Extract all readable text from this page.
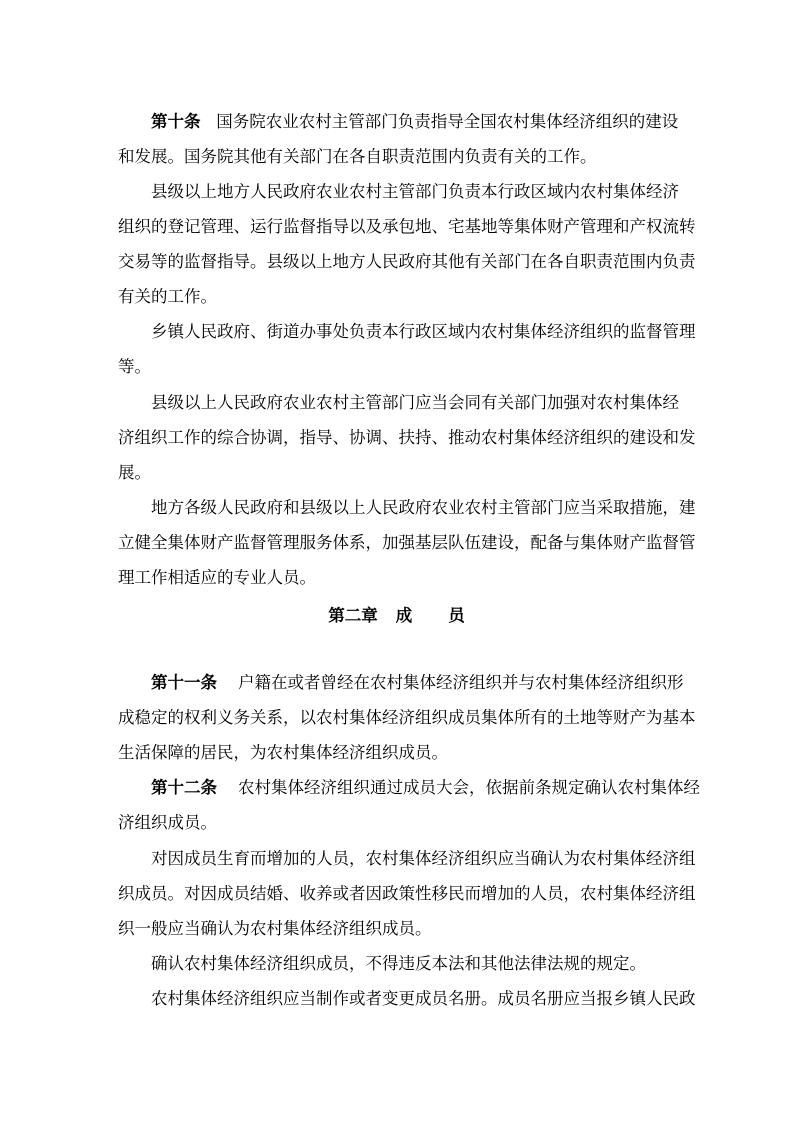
第十条 国务院农业农村主管部门负责指导全国农村集体经济组织的建设
和发展。国务院其他有关部门在各自职责范围内负责有关的工作。
县级以上地方人民政府农业农村主管部门负责本行政区域内农村集体经济
组织的登记管理、运行监督指导以及承包地、宅基地等集体财产管理和产权流转
交易等的监督指导。县级以上地方人民政府其他有关部门在各自职责范围内负责
有关的工作。
乡镇人民政府、街道办事处负责本行政区域内农村集体经济组织的监督管理
等。
县级以上人民政府农业农村主管部门应当会同有关部门加强对农村集体经
济组织工作的综合协调，指导、协调、扶持、推动农村集体经济组织的建设和发
展。
地方各级人民政府和县级以上人民政府农业农村主管部门应当采取措施，建
立健全集体财产监督管理服务体系，加强基层队伍建设，配备与集体财产监督管
理工作相适应的专业人员。
第二章 成 员
第十一条 户籍在或者曾经在农村集体经济组织并与农村集体经济组织形
成稳定的权利义务关系，以农村集体经济组织成员集体所有的土地等财产为基本
生活保障的居民，为农村集体经济组织成员。
第十二条 农村集体经济组织通过成员大会，依据前条规定确认农村集体经
济组织成员。
对因成员生育而增加的人员，农村集体经济组织应当确认为农村集体经济组
织成员。对因成员结婚、收养或者因政策性移民而增加的人员，农村集体经济组
织一般应当确认为农村集体经济组织成员。
确认农村集体经济组织成员，不得违反本法和其他法律法规的规定。
农村集体经济组织应当制作或者变更成员名册。成员名册应当报乡镇人民政
